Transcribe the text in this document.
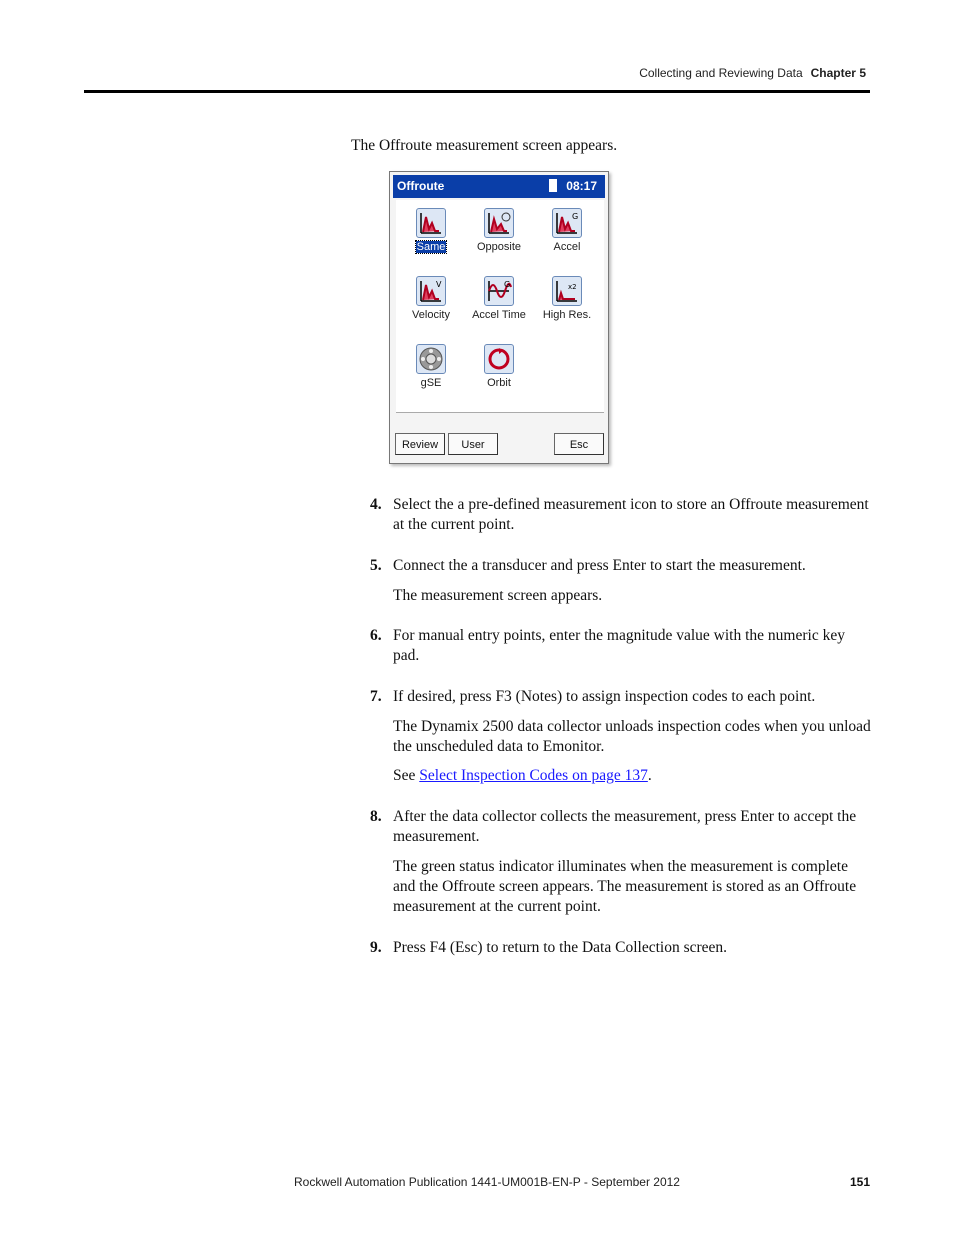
Collecting and Reviewing Data Chapter 5
The Offroute measurement screen appears.
Offroute	08:17
Same	Opposite
G
Accel
V
Velocity
G
Accel Time
x2
High Res.
gSE	Orbit
Review	User	Esc
4. Select the a pre-defined measurement icon to store an Offroute measurement at the current point.
5. Connect the a transducer and press Enter to start the measurement.
The measurement screen appears.
6. For manual entry points, enter the magnitude value with the numeric key pad.
7. If desired, press F3 (Notes) to assign inspection codes to each point.
The Dynamix 2500 data collector unloads inspection codes when you unload the unscheduled data to Emonitor.
See Select Inspection Codes on page 137.
8. After the data collector collects the measurement, press Enter to accept the measurement.
The green status indicator illuminates when the measurement is complete and the Offroute screen appears. The measurement is stored as an Offroute measurement at the current point.
9. Press F4 (Esc) to return to the Data Collection screen.
Rockwell Automation Publication 1441-UM001B-EN-P - September 2012	151
